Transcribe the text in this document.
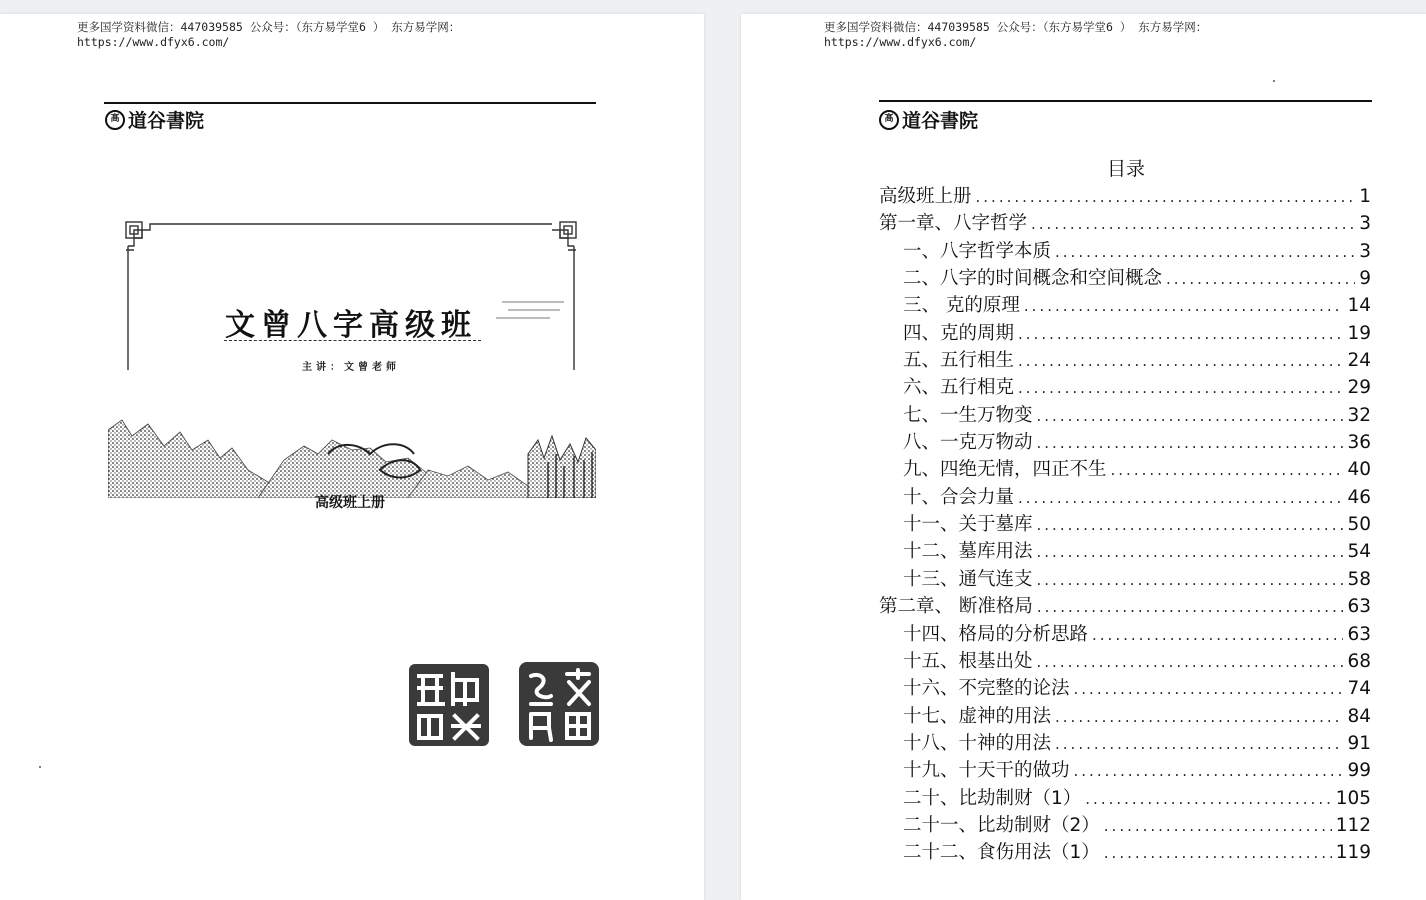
更多国学资料微信：447039585 公众号：（东方易学堂6 ） 东方易学网：
https://www.dfyx6.com/
高 道谷書院
文曾八字高级班
主讲：文曾老师
高级班上册
更多国学资料微信：447039585 公众号：（东方易学堂6 ） 东方易学网：
https://www.dfyx6.com/
高 道谷書院
目录
高级班上册 .....	1
第一章、八字哲学 .....	3
一、八字哲学本质 .....	3
二、八字的时间概念和空间概念 .....	9
三、 克的原理 .....	14
四、克的周期 .....	19
五、五行相生 .....	24
六、五行相克 .....	29
七、一生万物变 .....	32
八、一克万物动 .....	36
九、四绝无情，四正不生 .....	40
十、合会力量 .....	46
十一、关于墓库 .....	50
十二、墓库用法 .....	54
十三、通气连支 .....	58
第二章、 断准格局 .....	63
十四、格局的分析思路 .....	63
十五、根基出处 .....	68
十六、不完整的论法 .....	74
十七、虚神的用法 .....	84
十八、十神的用法 .....	91
十九、十天干的做功 .....	99
二十、比劫制财（1） .....	105
二十一、比劫制财（2） .....	112
二十二、食伤用法（1） .....	119
